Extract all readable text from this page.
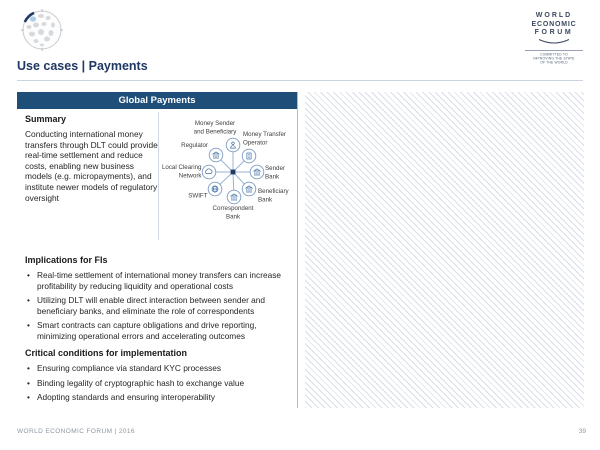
WORLD
ECONOMIC
FORUM
COMMITTED TO
IMPROVING THE STATE
OF THE WORLD
Use cases | Payments
Global Payments

Summary

Conducting international money transfers through DLT could provide real-time settlement and reduce costs, enabling new business models (e.g. micropayments), and institute newer models of regulatory oversight

Money Sender
and Beneficiary Money Transfer
Operator
Regulator
Local Clearing
Network
SWIFT
Correspondent
Bank
Beneficiary
Bank
Sender
Bank

Implications for FIs

• Real-time settlement of international money transfers can increase profitability by reducing liquidity and operational costs
• Utilizing DLT will enable direct interaction between sender and beneficiary banks, and eliminate the role of correspondents
• Smart contracts can capture obligations and drive reporting, minimizing operational errors and accelerating outcomes

Critical conditions for implementation

• Ensuring compliance via standard KYC processes
• Binding legality of cryptographic hash to exchange value
• Adopting standards and ensuring interoperability
WORLD ECONOMIC FORUM | 2016	39
